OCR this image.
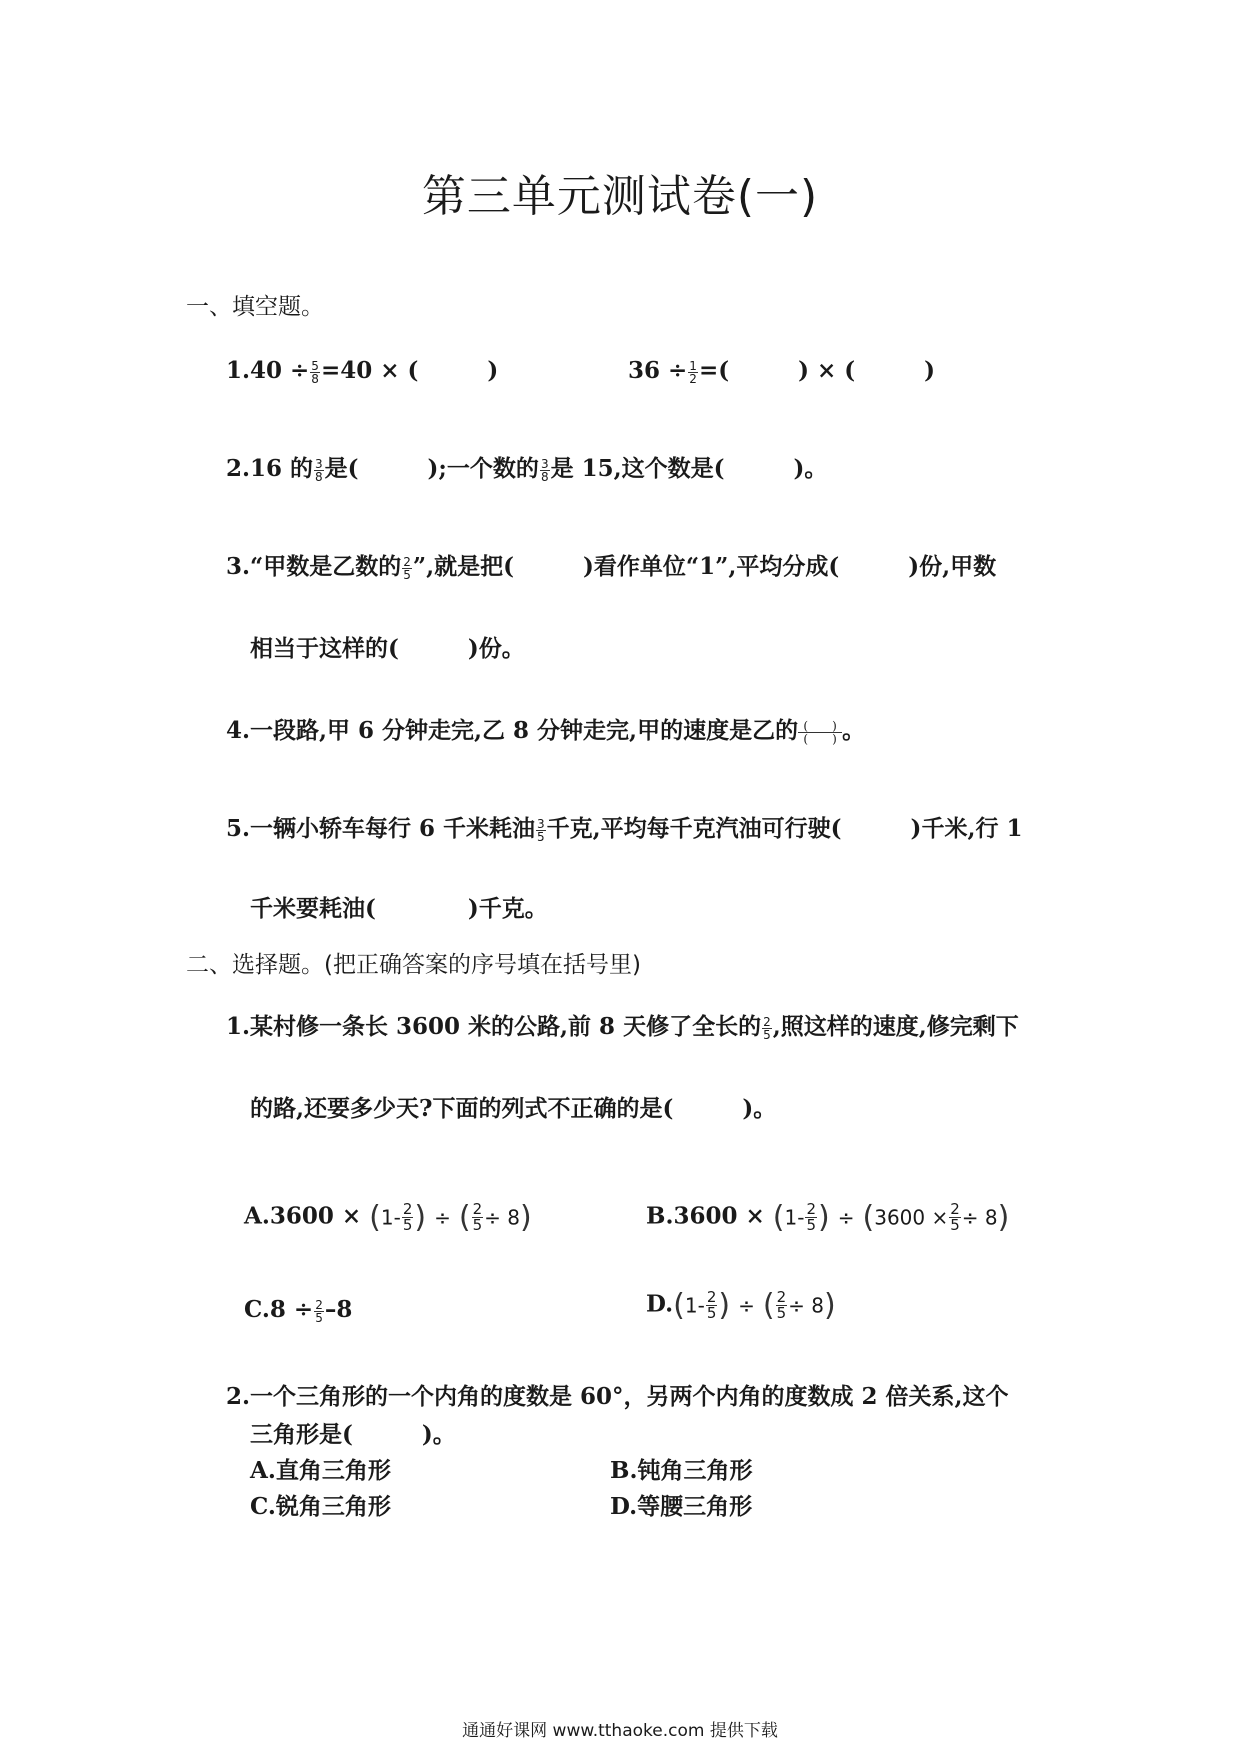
第三单元测试卷(一)
一、填空题。
$1.40 \div \frac{5}{8} =40$ × (　　　)	$36 \div \frac{1}{2}$ =(　　　) × (　　　)
2.16 的 $\frac{3}{8}$ 是(　　　);一个数的 $\frac{3}{8}$ 是 15,这个数是(　　　)。
3.“甲数是乙数的 $\frac{2}{5}$ ”,就是把(　　　)看作单位“1”,平均分成(　　　)份,甲数
相当于这样的(　　　)份。
4.一段路,甲 6 分钟走完,乙 8 分钟走完,甲的速度是乙的 (　　)
(　　) 。
5.一辆小轿车每行 6 千米耗油 $\frac{3}{5}$ 千克,平均每千克汽油可行驶(　　　)千米,行 1
千米要耗油(　　　　)千克。
二、选择题。(把正确答案的序号填在括号里)
1.某村修一条长 3600 米的公路,前 8 天修了全长的 $\frac{2}{5}$ ,照这样的速度,修完剩下
的路,还要多少天?下面的列式不正确的是(　　　)。
$A.3600 \times (1- \frac{2}{5}$ ) ÷ ( $\frac{2}{5} \div 8$)	$B.3600 \times (1- \frac{2}{5}$ ) ÷ $(3600 \times \frac{2}{5} \div 8)$
$C.8 \div \frac{2}{5} -8$	$D.(1- \frac{2}{5}$ ) ÷ ( $\frac{2}{5} \div 8$)
2.一个三角形的一个内角的度数是 60°，另两个内角的度数成 2 倍关系,这个
三角形是(　　　)。
A.直角三角形	B.钝角三角形
C.锐角三角形	D.等腰三角形
通通好课网 www.tthaoke.com 提供下载
